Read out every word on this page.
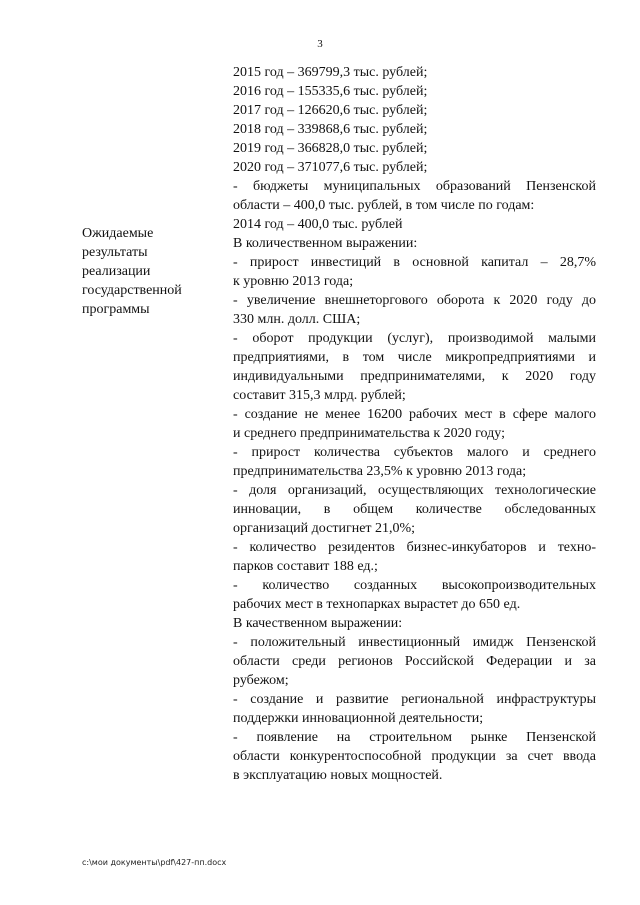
3
2015 год – 369799,3 тыс. рублей;
2016 год – 155335,6 тыс. рублей;
2017 год – 126620,6 тыс. рублей;
2018 год – 339868,6 тыс. рублей;
2019 год – 366828,0 тыс. рублей;
2020 год – 371077,6 тыс. рублей;
- бюджеты муниципальных образований Пензенской
области – 400,0 тыс. рублей, в том числе по годам:
2014 год – 400,0 тыс. рублей
В количественном выражении:
- прирост инвестиций в основной капитал – 28,7%
к уровню 2013 года;
- увеличение внешнеторгового оборота к 2020 году до
330 млн. долл. США;
- оборот продукции (услуг), производимой малыми
предприятиями, в том числе микропредприятиями и
индивидуальными предпринимателями, к 2020 году
составит 315,3 млрд. рублей;
- создание не менее 16200 рабочих мест в сфере малого
и среднего предпринимательства к 2020 году;
- прирост количества субъектов малого и среднего
предпринимательства 23,5% к уровню 2013 года;
- доля организаций, осуществляющих технологические
инновации, в общем количестве обследованных
организаций достигнет 21,0%;
- количество резидентов бизнес-инкубаторов и техно-
парков составит 188 ед.;
- количество созданных высокопроизводительных
рабочих мест в технопарках вырастет до 650 ед.
В качественном выражении:
- положительный инвестиционный имидж Пензенской
области среди регионов Российской Федерации и за
рубежом;
- создание и развитие региональной инфраструктуры
поддержки инновационной деятельности;
- появление на строительном рынке Пензенской
области конкурентоспособной продукции за счет ввода
в эксплуатацию новых мощностей.
Ожидаемые
результаты
реализации
государственной
программы
c:\мои документы\pdf\427-пп.docx
